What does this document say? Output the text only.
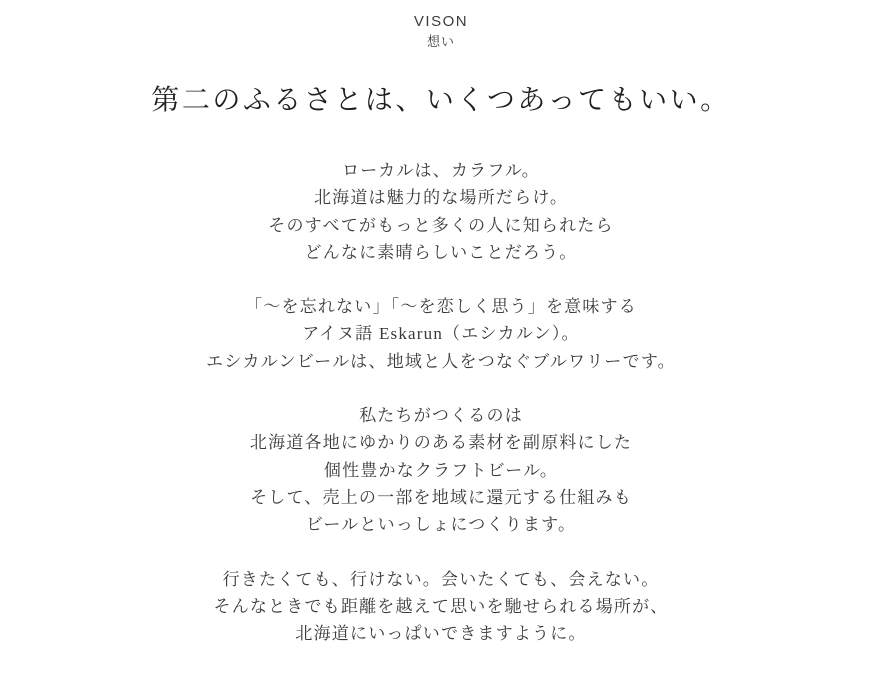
VISON
想い
第二のふるさとは、いくつあってもいい。

ローカルは、カラフル。
北海道は魅力的な場所だらけ。
そのすべてがもっと多くの人に知られたら
どんなに素晴らしいことだろう。

「〜を忘れない」「〜を恋しく思う」を意味する
アイヌ語 Eskarun（エシカルン）。
エシカルンビールは、地域と人をつなぐブルワリーです。

私たちがつくるのは
北海道各地にゆかりのある素材を副原料にした
個性豊かなクラフトビール。
そして、売上の一部を地域に還元する仕組みも
ビールといっしょにつくります。

行きたくても、行けない。会いたくても、会えない。
そんなときでも距離を越えて思いを馳せられる場所が、
北海道にいっぱいできますように。
